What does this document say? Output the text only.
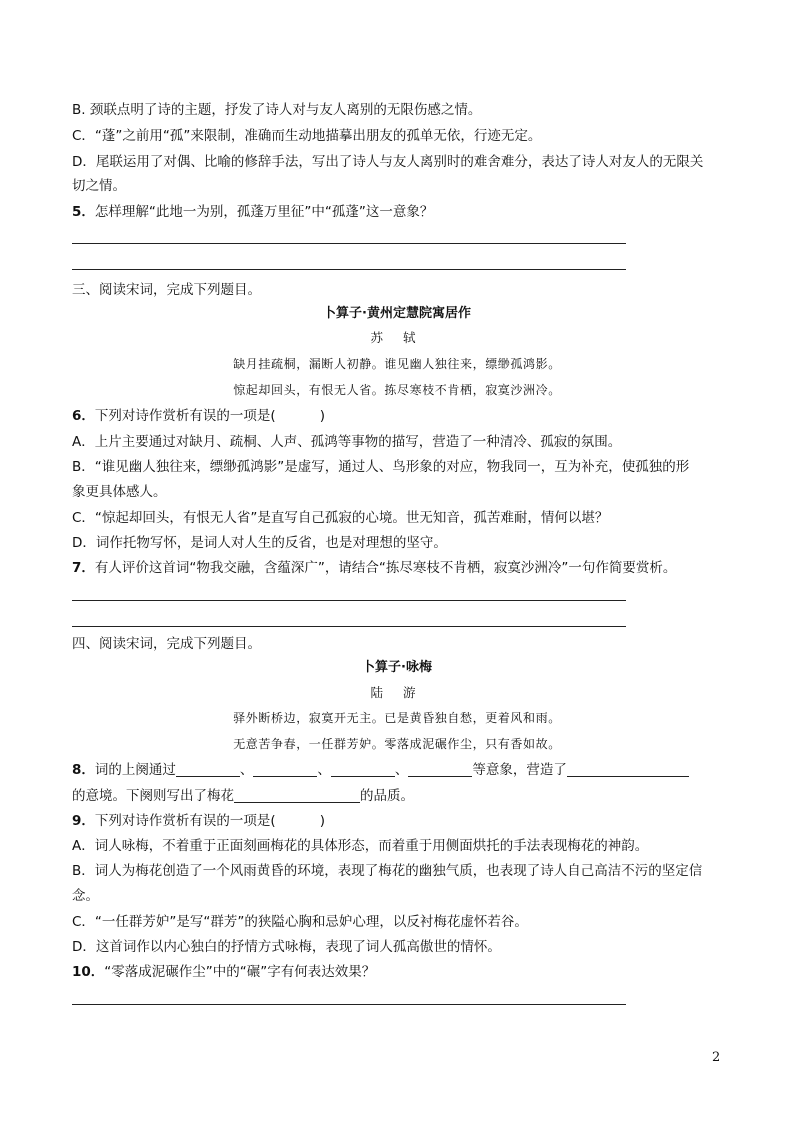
B. 颈联点明了诗的主题，抒发了诗人对与友人离别的无限伤感之情。
C．“蓬”之前用“孤”来限制，准确而生动地描摹出朋友的孤单无依，行迹无定。
D．尾联运用了对偶、比喻的修辞手法，写出了诗人与友人离别时的难舍难分，表达了诗人对友人的无限关
切之情。
5．怎样理解“此地一为别，孤蓬万里征”中“孤蓬”这一意象？
三、阅读宋词，完成下列题目。
卜算子·黄州定慧院寓居作
苏 轼
缺月挂疏桐，漏断人初静。谁见幽人独往来，缥缈孤鸿影。
惊起却回头，有恨无人省。拣尽寒枝不肯栖，寂寞沙洲冷。
6．下列对诗作赏析有误的一项是(	)
A．上片主要通过对缺月、疏桐、人声、孤鸿等事物的描写，营造了一种清冷、孤寂的氛围。
B．“谁见幽人独往来，缥缈孤鸿影”是虚写，通过人、鸟形象的对应，物我同一，互为补充，使孤独的形
象更具体感人。
C．“惊起却回头，有恨无人省”是直写自己孤寂的心境。世无知音，孤苦难耐，情何以堪？
D．词作托物写怀，是词人对人生的反省，也是对理想的坚守。
7．有人评价这首词“物我交融，含蕴深广”，请结合“拣尽寒枝不肯栖，寂寞沙洲冷”一句作简要赏析。
四、阅读宋词，完成下列题目。
卜算子·咏梅
陆 游
驿外断桥边，寂寞开无主。已是黄昏独自愁，更着风和雨。
无意苦争春，一任群芳妒。零落成泥碾作尘，只有香如故。
8．词的上阕通过	、	、	、	等意象，营造了
的意境。下阕则写出了梅花	的品质。
9．下列对诗作赏析有误的一项是(	)
A．词人咏梅，不着重于正面刻画梅花的具体形态，而着重于用侧面烘托的手法表现梅花的神韵。
B．词人为梅花创造了一个风雨黄昏的环境，表现了梅花的幽独气质，也表现了诗人自己高洁不污的坚定信
念。
C．“一任群芳妒”是写“群芳”的狭隘心胸和忌妒心理，以反衬梅花虚怀若谷。
D．这首词作以内心独白的抒情方式咏梅，表现了词人孤高傲世的情怀。
10．“零落成泥碾作尘”中的“碾”字有何表达效果？
2
